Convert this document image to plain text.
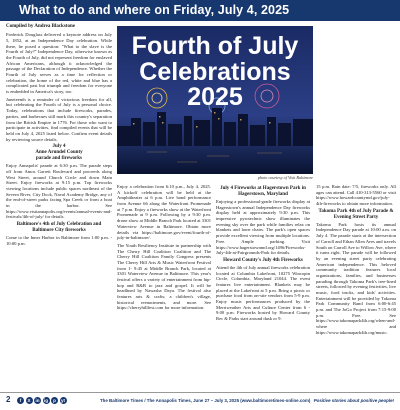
What to do and where on Friday, July 4, 2025
Compiled by Andrea Blackstone

Frederick Douglass delivered a keynote address on July 5, 1852, at an Independence Day celebration. While there, he posed a question: "What to the slave is the Fourth of July?" Independence Day, otherwise known as the Fourth of July, did not represent freedom for enslaved African Americans, although it acknowledged the passage of the Declaration of Independence. Whether the Fourth of July serves as a time for reflection or celebration, the home of the red, white and blue has a complicated past but triumph and freedom for everyone is embedded in America's story, too.

Juneteenth is a reminder of victorious freedom for all, but celebrating the Fourth of July is a personal choice. Today, celebrations that include fireworks, parades, parties, and barbecues still mark this country's separation from the British Empire in 1776. For those who want to participate in activities, find compiled events that will be held on July 4, 2025 listed below. Confirm event details by reviewing source details.

July 4
Anne Arundel County
parade and fireworks

Enjoy Annapolis' parade at 6:30 p.m. The parade steps off from Amos Garrett Boulevard and proceeds along West Street, around Church Circle and down Main Street. Enjoy fireworks at 9:15 p.m. Top fireworks viewing locations include public spaces northeast of the Severn River, City Dock, Naval Academy Bridge, any of the end-of-street parks facing Spa Creek or from a boat in the harbor. See https://www.visitannapolis.org/events/annual-events-and-festivals/4th-of-july/ for details.

Baltimore's 4th of July Celebration and Baltimore City fireworks

Come to the Inner Harbor in Baltimore from 1:00 p.m. - 10:00 p.m.

Fourth of July
Celebrations 2025
photo courtesy of Visit Baltimore

Enjoy a celebration from 6:10 p.m., July 4, 2025. A kickoff celebration will be held at the Amphitheater at 6 p.m. Live band performance from Avenue 66 along the Waterfront Promenade at 7 p.m. Enjoy a fireworks show at the Waterfront Promenade at 9 p.m. Following by a 9:30 p.m. drone show at Middle Branch Park located at 3301 Waterview Avenue in Baltimore. Obtain more details via https://baltimore.gov/event/fourth-of-july-in-baltimore/.

The Youth Resiliency Institute in partnership with The Cherry Hill Coalition Coalition and The Cherry Hill Coalition Family Congress presents The Cherry Hill Arts & Music Waterfront Festival from 1- 9:45 at Middle Branch Park, located at 3301 Waterview Avenue in Baltimore. This year's festival offers a variety of entertainment from hip-hop and R&B to jazz and gospel. It will be headlined by Nawasha Daya. The festival also features arts & crafts; a children's village, historical reenactments, and more. See https://cherryhillfest.com for more information.

July 4 Fireworks at Hagerstown Park in Hagerstown, Maryland

Enjoying a professional-grade fireworks display at Hagerstown's annual Independence Day fireworks display held at approximately 9:30 p.m. This impressive pyrotechnic show illuminates the evening sky over the park while families relax on blankets and lawn chairs. The park's open spaces provide excellent viewing from multiple locations. Free. Ample parking. Visit https://www.hagerstownmd.org/1496/Fireworks-July-4th-at-Fairgrounds-Park for details.

Howard County's July 4th Fireworks

Attend the 4th of July annual fireworks celebration located at Columbia Lakefront, 10275 Wincopin Circle, Columbia, Maryland 21044. The event features live entertainment. Blankets may be placed at the Lakefront at 5 p.m. Bring a picnic or purchase food from on-site vendors from 5-9 p.m. Enjoy music performances produced by the Merriweather Arts and Culture Center from 6 - 9:00 p.m. Fireworks hosted by Howard County Rec & Parks start around dusk or 9:

15 p.m. Rain date: 7/5, fireworks only. All ages can attend. Call 410-313-5560 or visit https://www.howardcountymd.gov/july-4th-fireworks to obtain more information.

Takoma Park 4th of July Parade & Evening Street Party

Takoma Park hosts its annual Independence Day parade at 10:00 a.m. on July 4. The parade starts at the intersection of Carroll and Ethan Allen Aves and travels South on Carroll Ave to Willow Ave, where it turns right. The parade will be followed by an evening street party celebrating American independence. This beloved community tradition features local organizations, families, and businesses parading through Takoma Park's tree-lined streets, followed by evening festivities, live music, food trucks, and kids' activities. Entertainment will be provided by Takoma Park Community Band from 6:00-6:45 p.m. and The JoGo Project from 7:15-9:00 p.m. Free. See https://www.takomapark4th.org/when-and-where and https://www.takomapark4th.org/music.

2	f	X	in	ig	p	yt	The Baltimore Times / The Annapolis Times, June 27 – July 3, 2025 (www.baltimoretimes-online.com) Positive stories about positive people!
